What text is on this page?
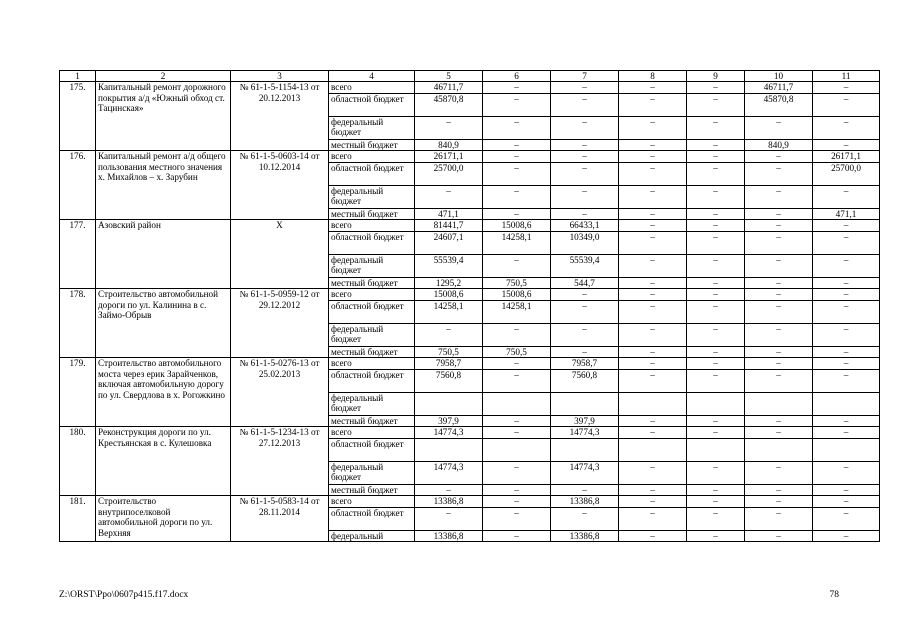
1	2	3	4	5	6	7	8	9	10	11
175.	Капитальный ремонт дорожного покрытия а/д «Южный обход ст. Тацинская»	№ 61-1-5-1154-13 от 20.12.2013	всего	46711,7	–	–	–	–	46711,7	–
			областной бюджет	45870,8	–	–	–	–	45870,8	–
			федеральный бюджет	–	–	–	–	–	–	–
			местный бюджет	840,9	–	–	–	–	840,9	–
176.	Капитальный ремонт а/д общего пользования местного значения х. Михайлов – х. Зарубин	№ 61-1-5-0603-14 от 10.12.2014	всего	26171,1	–	–	–	–	–	26171,1
			областной бюджет	25700,0	–	–	–	–	–	25700,0
			федеральный бюджет	–	–	–	–	–	–	–
			местный бюджет	471,1	–	–	–	–	–	471,1
177.	Азовский район	Х	всего	81441,7	15008,6	66433,1	–	–	–	–
			областной бюджет	24607,1	14258,1	10349,0	–	–	–	–
			федеральный бюджет	55539,4	–	55539,4	–	–	–	–
			местный бюджет	1295,2	750,5	544,7	–	–	–	–
178.	Строительство автомобильной дороги по ул. Калинина в с. Займо-Обрыв	№ 61-1-5-0959-12 от 29.12.2012	всего	15008,6	15008,6	–	–	–	–	–
			областной бюджет	14258,1	14258,1	–	–	–	–	–
			федеральный бюджет	–	–	–	–	–	–	–
			местный бюджет	750,5	750,5	–	–	–	–	–
179.	Строительство автомобильного моста через ерик Зарайченков, включая автомобильную дорогу по ул. Свердлова в х. Рогожкино	№ 61-1-5-0276-13 от 25.02.2013	всего	7958,7	–	7958,7	–	–	–	–
			областной бюджет	7560,8	–	7560,8	–	–	–	–
			федеральный бюджет							
			местный бюджет	397,9	–	397,9	–	–	–	–
180.	Реконструкция дороги по ул. Крестьянская в с. Кулешовка	№ 61-1-5-1234-13 от 27.12.2013	всего	14774,3	–	14774,3	–	–	–	–
			областной бюджет							
			федеральный бюджет	14774,3	–	14774,3	–	–	–	–
			местный бюджет	–	–	–	–	–	–	–
181.	Строительство внутрипоселковой автомобильной дороги по ул. Верхняя	№ 61-1-5-0583-14 от 28.11.2014	всего	13386,8	–	13386,8	–	–	–	–
			областной бюджет	–	–	–	–	–	–	–
			федеральный	13386,8	–	13386,8	–	–	–	–
Z:\ORST\Ppo\0607p415.f17.docx	78
